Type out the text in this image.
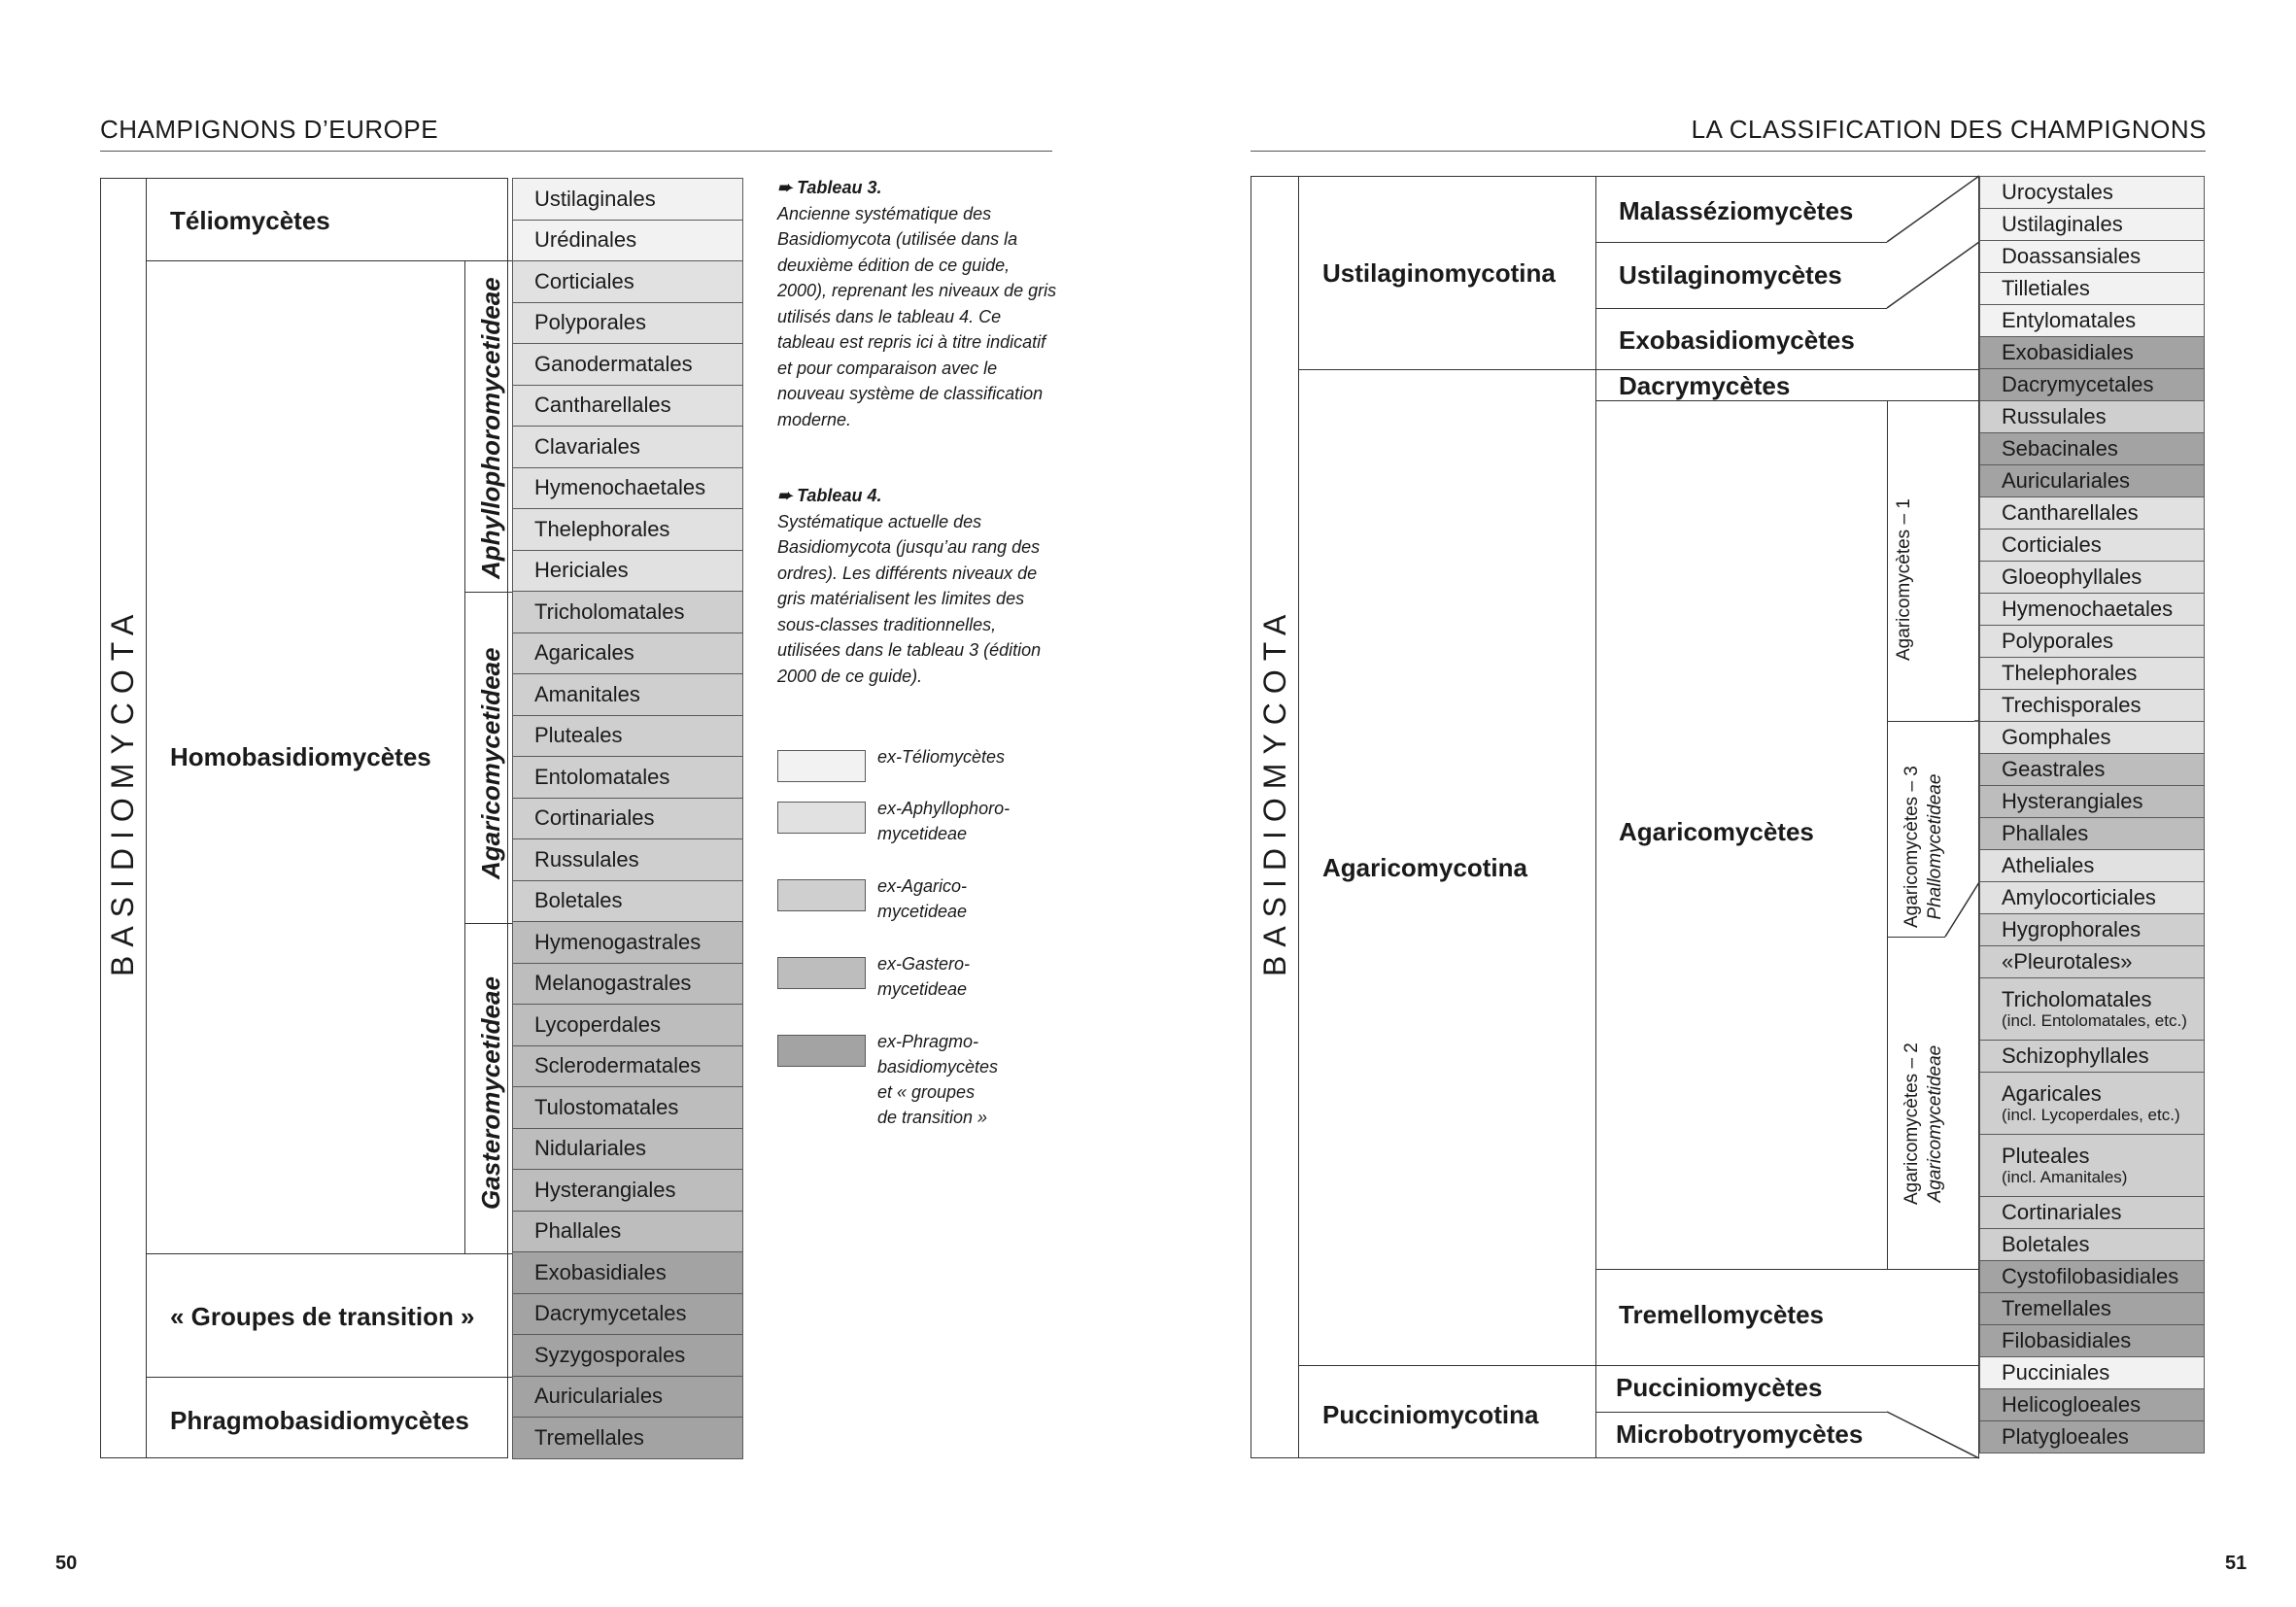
CHAMPIGNONS D’EUROPE
BASIDIOMYCOTA
Téliomycètes
Homobasidiomycètes
« Groupes de transition »
Phragmobasidiomycètes
Aphyllophoromycetideae
Agaricomycetideae
Gasteromycetideae
Ustilaginales
Urédinales
Corticiales
Polyporales
Ganodermatales
Cantharellales
Clavariales
Hymenochaetales
Thelephorales
Hericiales
Tricholomatales
Agaricales
Amanitales
Pluteales
Entolomatales
Cortinariales
Russulales
Boletales
Hymenogastrales
Melanogastrales
Lycoperdales
Sclerodermatales
Tulostomatales
Nidulariales
Hysterangiales
Phallales
Exobasidiales
Dacrymycetales
Syzygosporales
Auriculariales
Tremellales
➨ Tableau 3.
Ancienne systématique des Basidiomycota (utilisée dans la deuxième édition de ce guide, 2000), reprenant les niveaux de gris utilisés dans le tableau 4. Ce tableau est repris ici à titre indicatif et pour comparaison avec le nouveau système de classification moderne.
➨ Tableau 4.
Systématique actuelle des Basidiomycota (jusqu’au rang des ordres). Les différents niveaux de gris matérialisent les limites des sous-classes traditionnelles, utilisées dans le tableau 3 (édition 2000 de ce guide).
ex-Téliomycètes
ex-Aphyllophoro-
mycetideae
ex-Agarico-
mycetideae
ex-Gastero-
mycetideae
ex-Phragmo-
basidiomycètes
et « groupes
de transition »
50
LA CLASSIFICATION DES CHAMPIGNONS
BASIDIOMYCOTA
Ustilaginomycotina
Agaricomycotina
Pucciniomycotina
Malasséziomycètes
Ustilaginomycètes
Exobasidiomycètes
Dacrymycètes
Agaricomycètes
Tremellomycètes
Pucciniomycètes
Microbotryomycètes
Agaricomycètes – 1
Agaricomycètes – 3 Phallomycetideae
Agaricomycètes – 2 Agaricomycetideae
Urocystales
Ustilaginales
Doassansiales
Tilletiales
Entylomatales
Exobasidiales
Dacrymycetales
Russulales
Sebacinales
Auriculariales
Cantharellales
Corticiales
Gloeophyllales
Hymenochaetales
Polyporales
Thelephorales
Trechisporales
Gomphales
Geastrales
Hysterangiales
Phallales
Atheliales
Amylocorticiales
Hygrophorales
«Pleurotales»
Tricholomatales
(incl. Entolomatales, etc.)
Schizophyllales
Agaricales
(incl. Lycoperdales, etc.)
Pluteales
(incl. Amanitales)
Cortinariales
Boletales
Cystofilobasidiales
Tremellales
Filobasidiales
Pucciniales
Helicogloeales
Platygloeales
51
